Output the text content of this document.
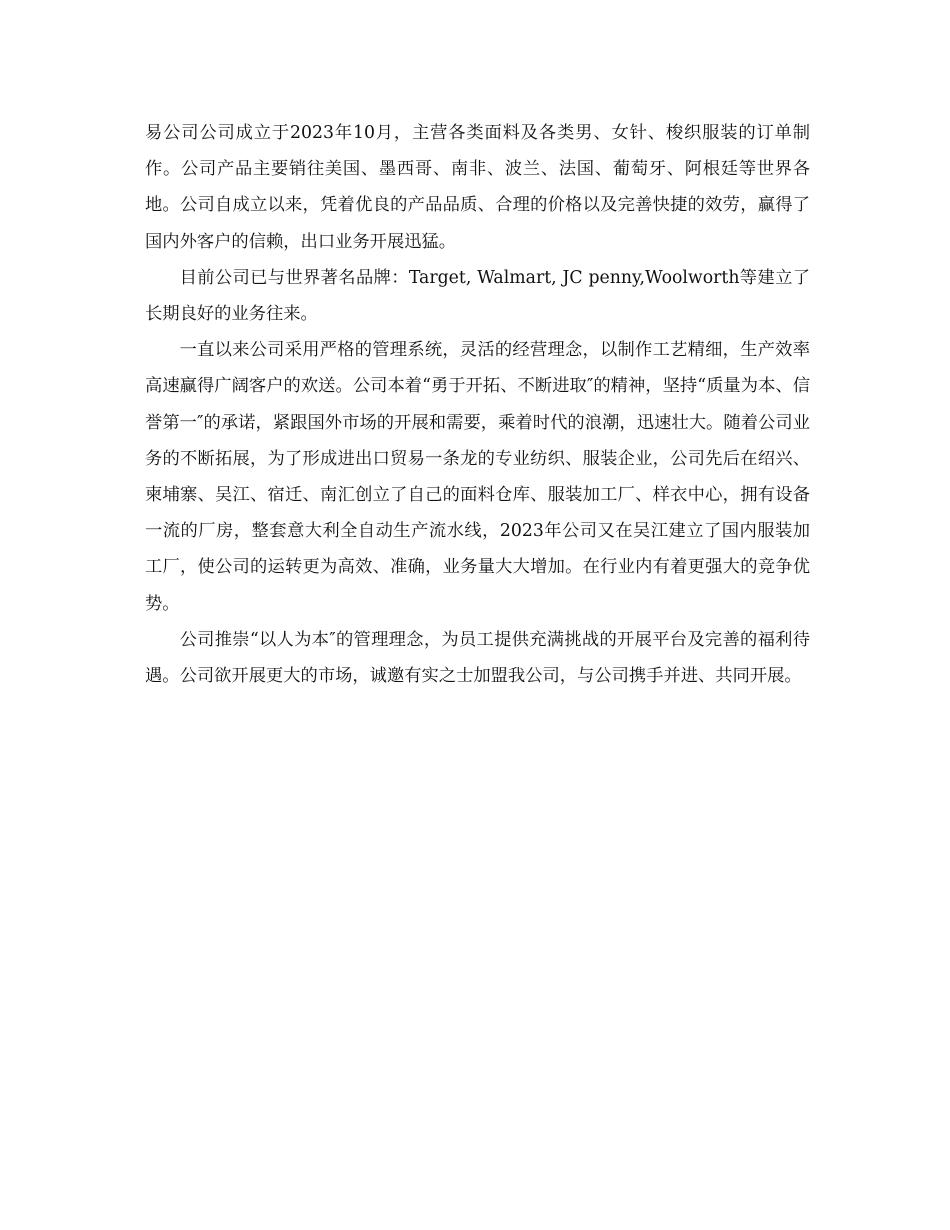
易公司公司成立于2023年10月，主营各类面料及各类男、女针、梭织服装的订单制作。公司产品主要销往美国、墨西哥、南非、波兰、法国、葡萄牙、阿根廷等世界各地。公司自成立以来，凭着优良的产品品质、合理的价格以及完善快捷的效劳，赢得了国内外客户的信赖，出口业务开展迅猛。

目前公司已与世界著名品牌：Target, Walmart, JC penny,Woolworth等建立了长期良好的业务往来。

一直以来公司采用严格的管理系统，灵活的经营理念，以制作工艺精细，生产效率高速赢得广阔客户的欢送。公司本着“勇于开拓、不断进取″的精神，坚持“质量为本、信誉第一″的承诺，紧跟国外市场的开展和需要，乘着时代的浪潮，迅速壮大。随着公司业务的不断拓展，为了形成进出口贸易一条龙的专业纺织、服装企业，公司先后在绍兴、柬埔寨、吴江、宿迁、南汇创立了自己的面料仓库、服装加工厂、样衣中心，拥有设备一流的厂房，整套意大利全自动生产流水线，2023年公司又在吴江建立了国内服装加工厂，使公司的运转更为高效、准确，业务量大大增加。在行业内有着更强大的竞争优势。

公司推崇“以人为本″的管理理念，为员工提供充满挑战的开展平台及完善的福利待遇。公司欲开展更大的市场，诚邀有实之士加盟我公司，与公司携手并进、共同开展。
